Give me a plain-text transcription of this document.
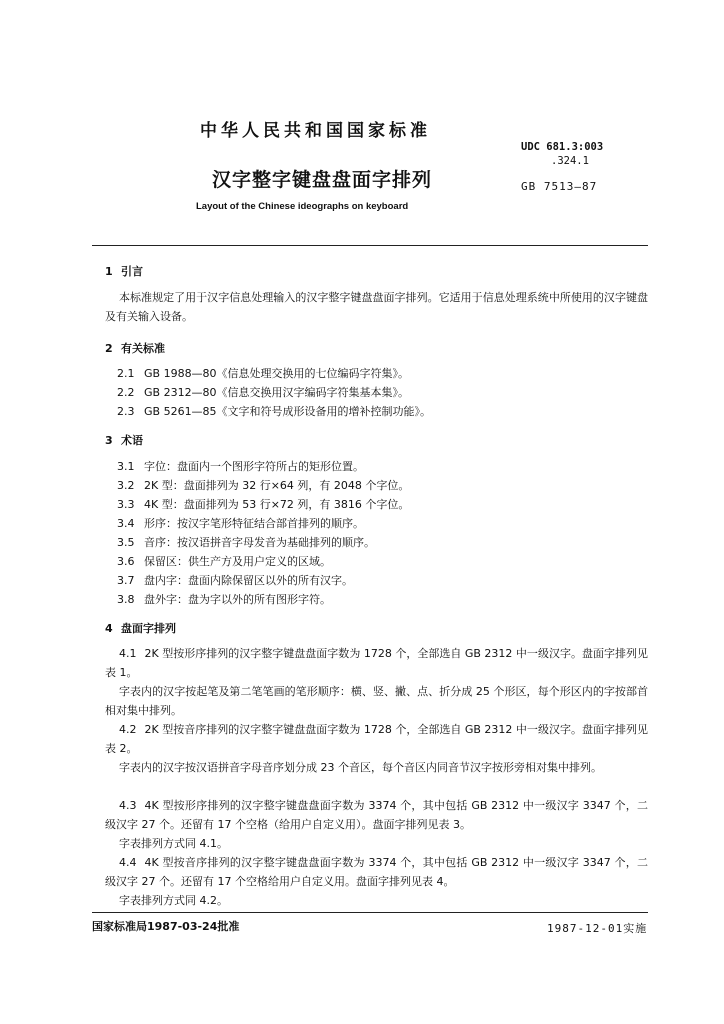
中华人民共和国国家标准
汉字整字键盘盘面字排列
Layout of the Chinese ideographs on keyboard
UDC 681.3:003
.324.1
GB 7513—87
1 引言
本标准规定了用于汉字信息处理输入的汉字整字键盘盘面字排列。它适用于信息处理系统中所使用的汉字键盘及有关输入设备。
2 有关标准
2.1 GB 1988—80《信息处理交换用的七位编码字符集》。
2.2 GB 2312—80《信息交换用汉字编码字符集基本集》。
2.3 GB 5261—85《文字和符号成形设备用的增补控制功能》。
3 术语
3.1 字位：盘面内一个图形字符所占的矩形位置。
3.2 2K 型：盘面排列为 32 行×64 列，有 2048 个字位。
3.3 4K 型：盘面排列为 53 行×72 列，有 3816 个字位。
3.4 形序：按汉字笔形特征结合部首排列的顺序。
3.5 音序：按汉语拼音字母发音为基础排列的顺序。
3.6 保留区：供生产方及用户定义的区域。
3.7 盘内字：盘面内除保留区以外的所有汉字。
3.8 盘外字：盘为字以外的所有图形字符。
4 盘面字排列
4.1 2K 型按形序排列的汉字整字键盘盘面字数为 1728 个，全部选自 GB 2312 中一级汉字。盘面字排列见表 1。
字表内的汉字按起笔及第二笔笔画的笔形顺序：横、竖、撇、点、折分成 25 个形区，每个形区内的字按部首相对集中排列。
4.2 2K 型按音序排列的汉字整字键盘盘面字数为 1728 个，全部选自 GB 2312 中一级汉字。盘面字排列见表 2。
字表内的汉字按汉语拼音字母音序划分成 23 个音区，每个音区内同音节汉字按形旁相对集中排列。
4.3 4K 型按形序排列的汉字整字键盘盘面字数为 3374 个，其中包括 GB 2312 中一级汉字 3347 个，二级汉字 27 个。还留有 17 个空格（给用户自定义用）。盘面字排列见表 3。
字表排列方式同 4.1。
4.4 4K 型按音序排列的汉字整字键盘盘面字数为 3374 个，其中包括 GB 2312 中一级汉字 3347 个，二级汉字 27 个。还留有 17 个空格给用户自定义用。盘面字排列见表 4。
字表排列方式同 4.2。
国家标准局1987-03-24批准	1987-12-01实施
